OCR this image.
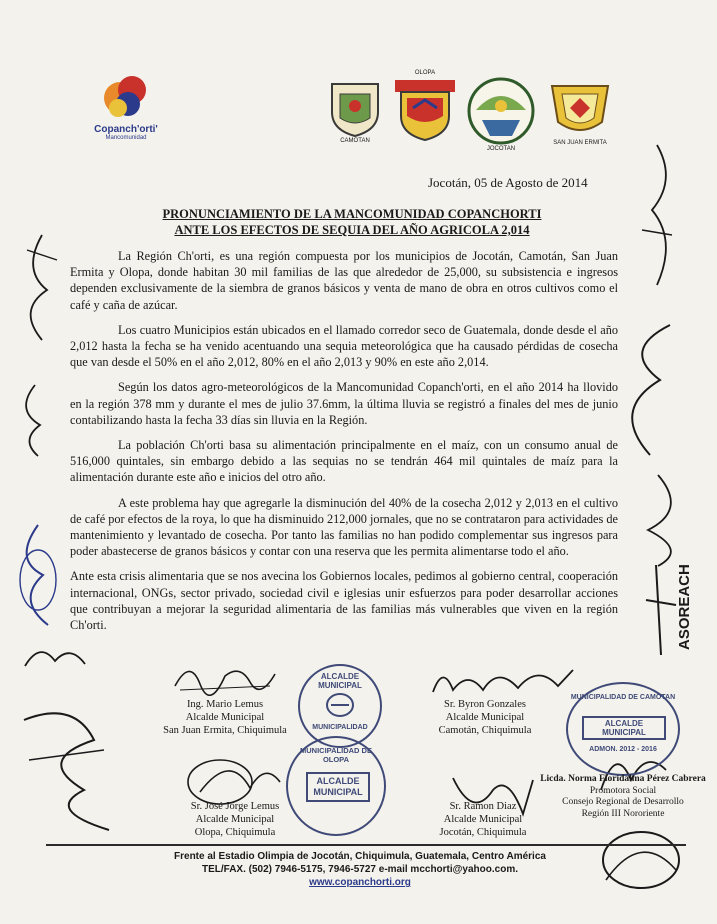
Copanch'orti'
Mancomunidad	CAMOTAN
OLOPA
JOCOTAN
SAN JUAN ERMITA
Jocotán, 05 de Agosto de 2014
PRONUNCIAMIENTO DE LA MANCOMUNIDAD COPANCHORTI
ANTE LOS EFECTOS DE SEQUIA DEL AÑO AGRICOLA 2,014

La Región Ch'orti, es una región compuesta por los municipios de Jocotán, Camotán, San Juan Ermita y Olopa, donde habitan 30 mil familias de las que alrededor de 25,000, su subsistencia e ingresos dependen exclusivamente de la siembra de granos básicos y venta de mano de obra en otros cultivos como el café y caña de azúcar.

Los cuatro Municipios están ubicados en el llamado corredor seco de Guatemala, donde desde el año 2,012 hasta la fecha se ha venido acentuando una sequia meteorológica que ha causado pérdidas de cosecha que van desde el 50% en el año 2,012, 80% en el año 2,013 y 90% en este año 2,014.

Según los datos agro-meteorológicos de la Mancomunidad Copanch'orti, en el año 2014 ha llovido en la región 378 mm y durante el mes de julio 37.6mm, la última lluvia se registró a finales del mes de junio contabilizando hasta la fecha 33 días sin lluvia en la Región.

La población Ch'orti basa su alimentación principalmente en el maíz, con un consumo anual de 516,000 quintales, sin embargo debido a las sequias no se tendrán 464 mil quintales de maíz para la alimentación durante este año e inicios del otro año.

A este problema hay que agregarle la disminución del 40% de la cosecha 2,012 y 2,013 en el cultivo de café por efectos de la roya, lo que ha disminuido 212,000 jornales, que no se contrataron para actividades de mantenimiento y levantado de cosecha. Por tanto las familias no han podido complementar sus ingresos para poder abastecerse de granos básicos y contar con una reserva que les permita alimentarse todo el año.

Ante esta crisis alimentaria que se nos avecina los Gobiernos locales, pedimos al gobierno central, cooperación internacional, ONGs, sector privado, sociedad civil e iglesias unir esfuerzos para poder desarrollar acciones que contribuyan a mejorar la seguridad alimentaria de las familias más vulnerables que viven en la región Ch'orti.	ASOREACH
ALCALDE MUNICIPAL
MUNICIPALIDAD
MUNICIPALIDAD DE OLOPA
ALCALDE MUNICIPAL
MUNICIPALIDAD DE CAMOTAN
ALCALDE MUNICIPAL
ADMON. 2012 - 2016
Ing. Mario Lemus
Alcalde Municipal
San Juan Ermita, Chiquimula
Sr. Byron Gonzales
Alcalde Municipal
Camotán, Chiquimula
Sr. José Jorge Lemus
Alcalde Municipal
Olopa, Chiquimula
Sr. Ramon Diaz
Alcalde Municipal
Jocotán, Chiquimula
Licda. Norma Floridalma Pérez Cabrera
Promotora Social
Consejo Regional de Desarrollo
Región III Nororiente
Frente al Estadio Olimpia de Jocotán, Chiquimula, Guatemala, Centro América
TEL/FAX. (502) 7946-5175, 7946-5727 e-mail mcchorti@yahoo.com.
www.copanchorti.org
